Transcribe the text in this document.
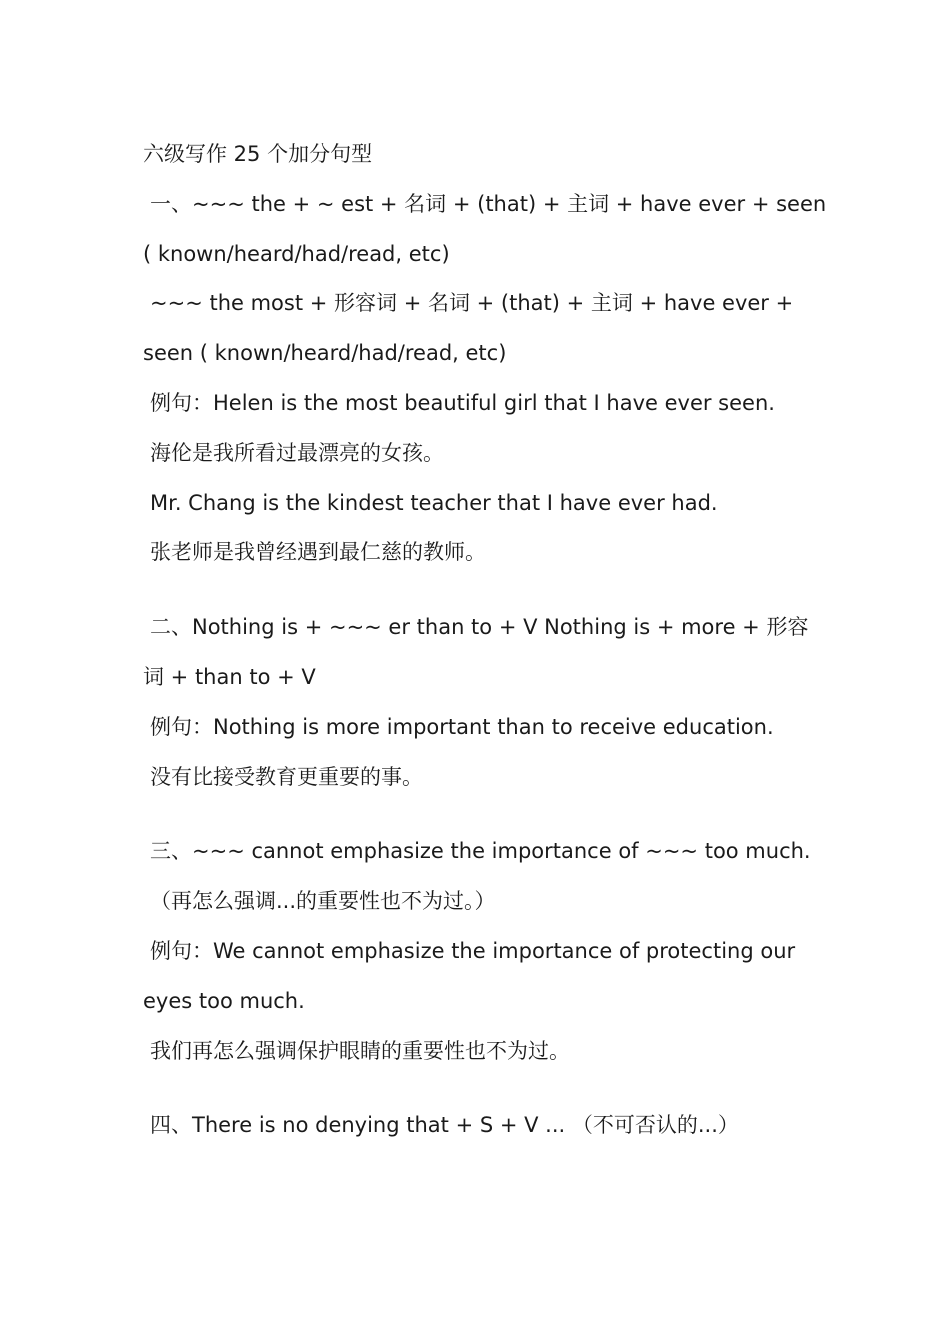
六级写作 25 个加分句型

一、~~~ the + ~ est + 名词 + (that) + 主词 + have ever + seen

( known/heard/had/read, etc)

~~~ the most + 形容词 + 名词 + (that) + 主词 + have ever +

seen ( known/heard/had/read, etc)

例句：Helen is the most beautiful girl that I have ever seen.

海伦是我所看过最漂亮的女孩。

Mr. Chang is the kindest teacher that I have ever had.

张老师是我曾经遇到最仁慈的教师。

二、Nothing is + ~~~ er than to + V Nothing is + more + 形容

词 + than to + V

例句：Nothing is more important than to receive education.

没有比接受教育更重要的事。

三、~~~ cannot emphasize the importance of ~~~ too much.

（再怎么强调...的重要性也不为过。）

例句：We cannot emphasize the importance of protecting our

eyes too much.

我们再怎么强调保护眼睛的重要性也不为过。

四、There is no denying that + S + V ... （不可否认的...）
